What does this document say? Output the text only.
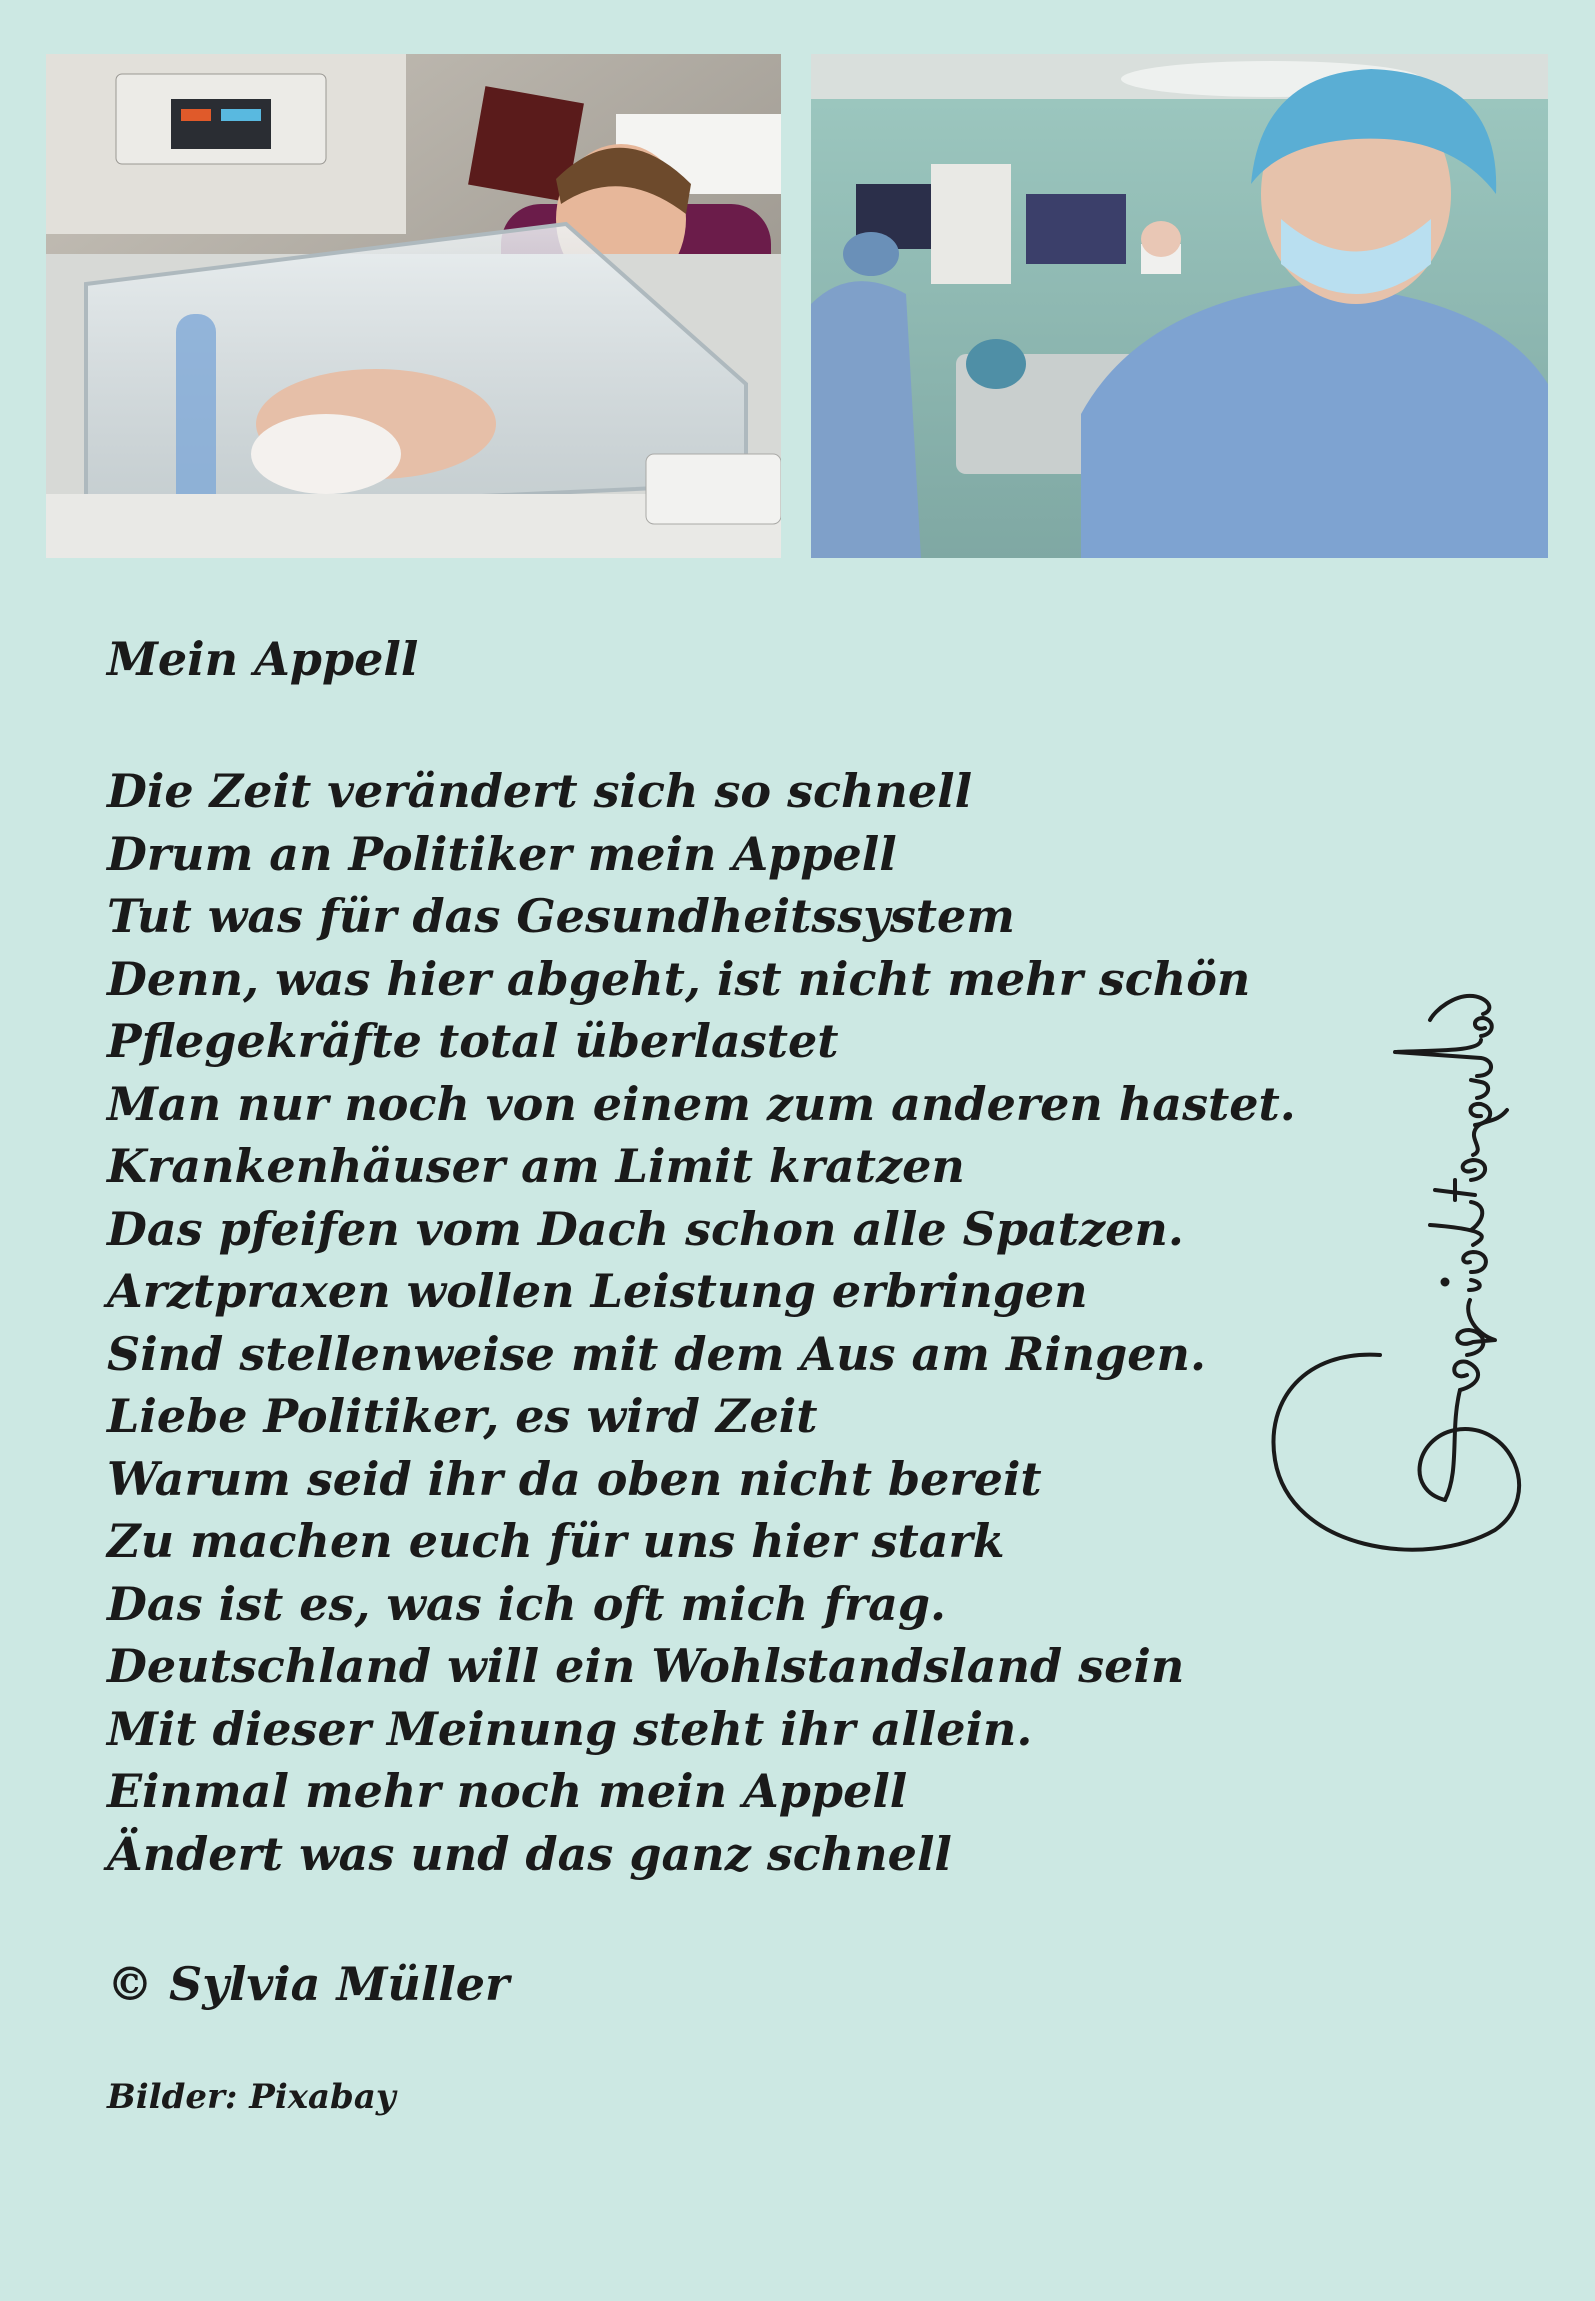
Mein Appell
Die Zeit verändert sich so schnell
Drum an Politiker mein Appell
Tut was für das Gesundheitssystem
Denn, was hier abgeht, ist nicht mehr schön
Pflegekräfte total überlastet
Man nur noch von einem zum anderen hastet.
Krankenhäuser am Limit kratzen
Das pfeifen vom Dach schon alle Spatzen.
Arztpraxen wollen Leistung erbringen
Sind stellenweise mit dem Aus am Ringen.
Liebe Politiker, es wird Zeit
Warum seid ihr da oben nicht bereit
Zu machen euch für uns hier stark
Das ist es, was ich oft mich frag.
Deutschland will ein Wohlstandsland sein
Mit dieser Meinung steht ihr allein.
Einmal mehr noch mein Appell
Ändert was und das ganz schnell
© Sylvia Müller
Bilder: Pixabay
